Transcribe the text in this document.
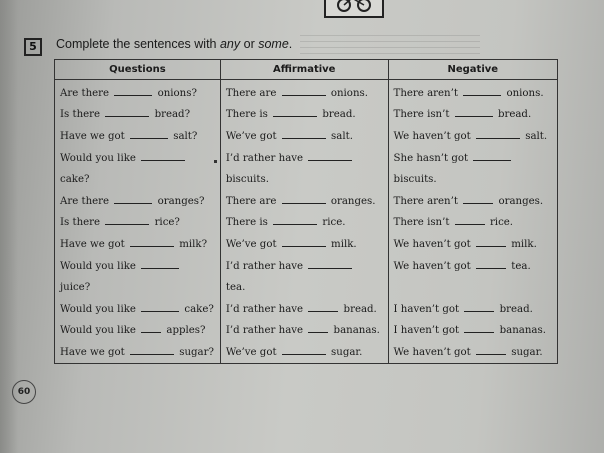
5	Complete the sentences with any or some.
Questions	Affirmative	Negative
Are there onions?	There are onions.	There aren’t onions.
Is there bread?	There is bread.	There isn’t bread.
Have we got salt?	We’ve got salt.	We haven’t got salt.
Would you like	I’d rather have	She hasn’t got
cake?	biscuits.	biscuits.
Are there oranges?	There are oranges.	There aren’t oranges.
Is there rice?	There is rice.	There isn’t rice.
Have we got milk?	We’ve got milk.	We haven’t got milk.
Would you like	I’d rather have	We haven’t got tea.
juice?	tea.	
Would you like cake?	I’d rather have bread.	I haven’t got bread.
Would you like apples?	I’d rather have bananas.	I haven’t got bananas.
Have we got sugar?	We’ve got sugar.	We haven’t got sugar.
60
